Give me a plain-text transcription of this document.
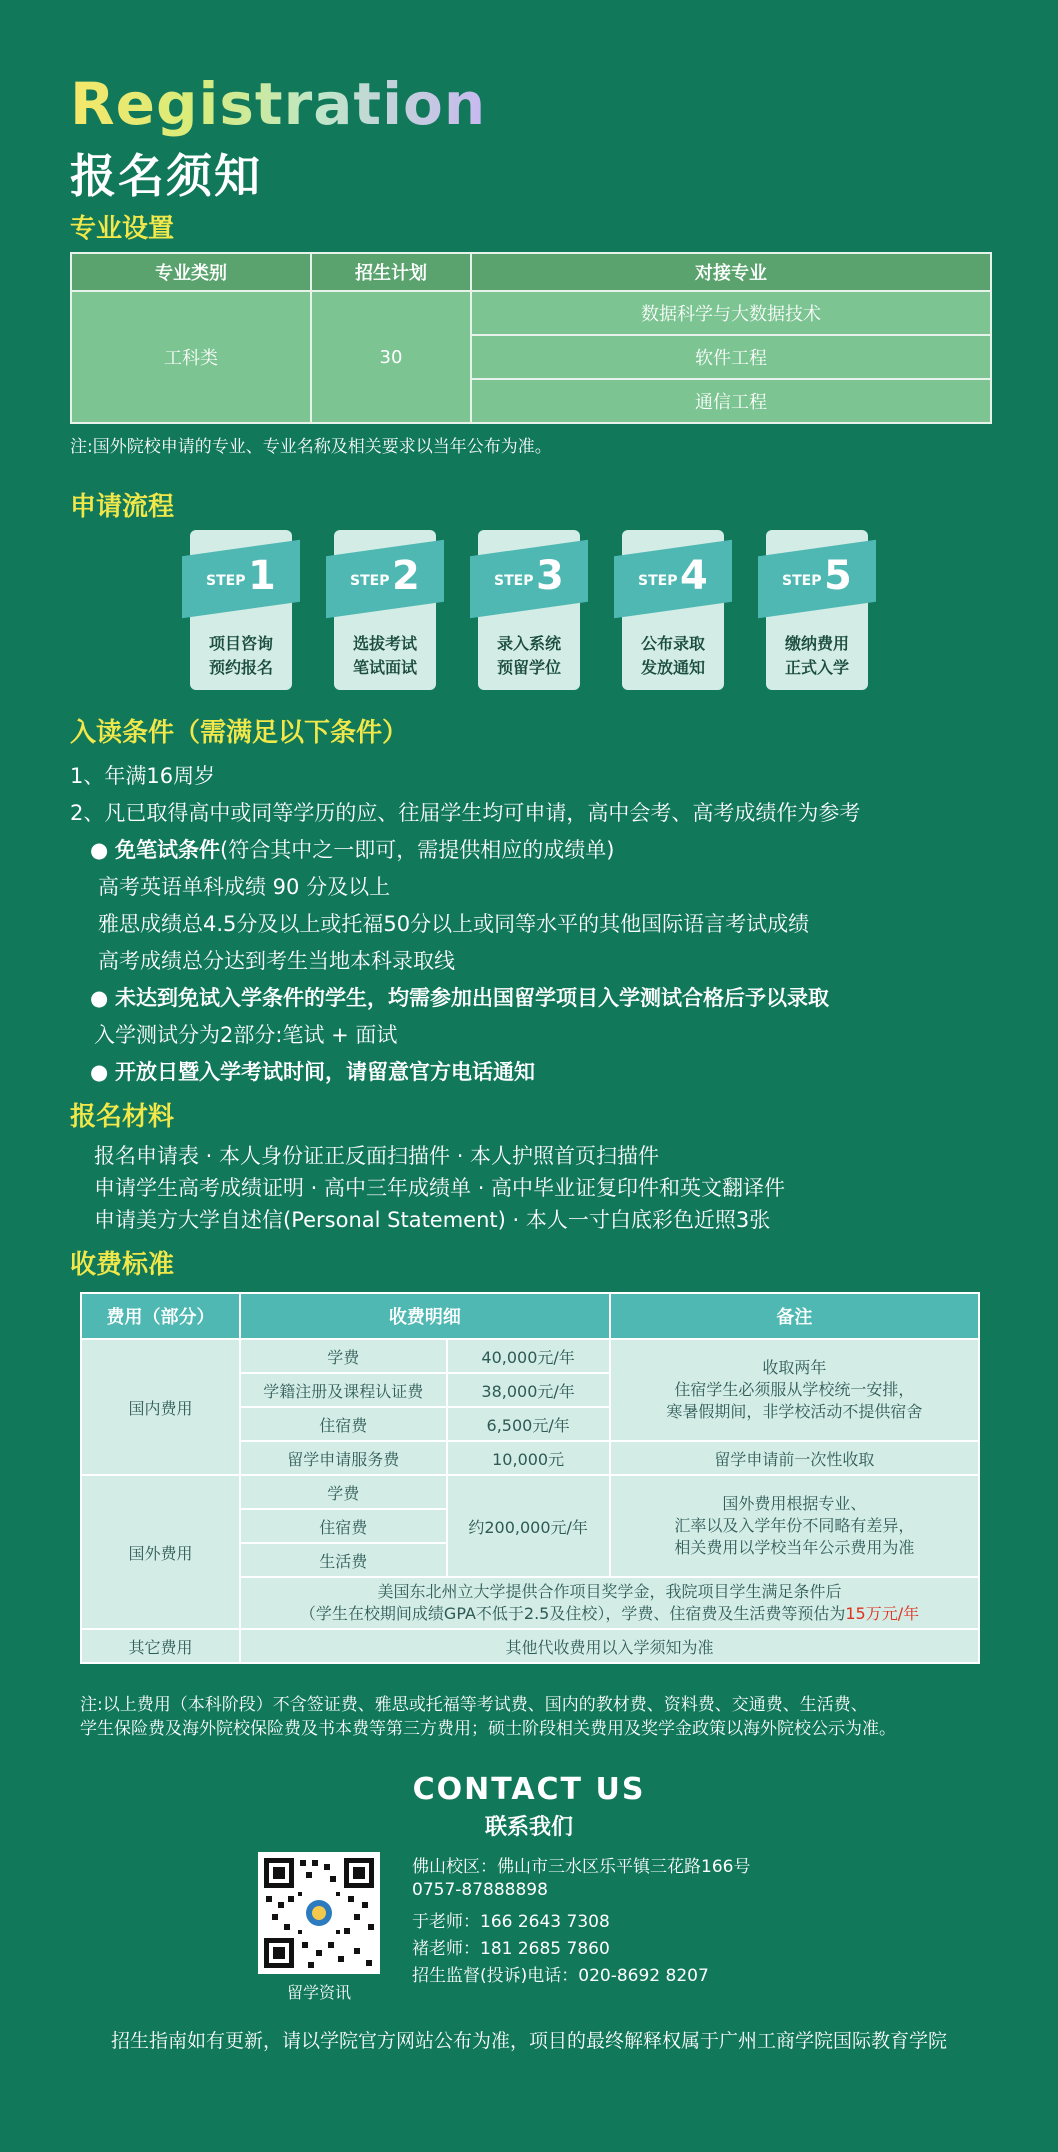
Registration
报名须知
专业设置
专业类别	招生计划	对接专业
工科类	30	数据科学与大数据技术
		软件工程
		通信工程
注:国外院校申请的专业、专业名称及相关要求以当年公布为准。
申请流程
STEP 1
项目咨询
预约报名
STEP 2
选拔考试
笔试面试
STEP 3
录入系统
预留学位
STEP 4
公布录取
发放通知
STEP 5
缴纳费用
正式入学
入读条件（需满足以下条件）
1、年满16周岁
2、凡已取得高中或同等学历的应、往届学生均可申请，高中会考、高考成绩作为参考
● 免笔试条件(符合其中之一即可，需提供相应的成绩单)
高考英语单科成绩 90 分及以上
雅思成绩总4.5分及以上或托福50分以上或同等水平的其他国际语言考试成绩
高考成绩总分达到考生当地本科录取线
● 未达到免试入学条件的学生，均需参加出国留学项目入学测试合格后予以录取
入学测试分为2部分:笔试 + 面试
● 开放日暨入学考试时间，请留意官方电话通知
报名材料
报名申请表 · 本人身份证正反面扫描件 · 本人护照首页扫描件
申请学生高考成绩证明 · 高中三年成绩单 · 高中毕业证复印件和英文翻译件
申请美方大学自述信(Personal Statement) · 本人一寸白底彩色近照3张
收费标准
费用（部分）	收费明细		备注
国内费用	学费	40,000元/年	收取两年
住宿学生必须服从学校统一安排，
寒暑假期间，非学校活动不提供宿舍

	学籍注册及课程认证费	38,000元/年	
	住宿费	6,500元/年	
	留学申请服务费	10,000元	留学申请前一次性收取
国外费用	学费	约200,000元/年	国外费用根据专业、
汇率以及入学年份不同略有差异，
相关费用以学校当年公示费用为准

	住宿费		
	生活费		

	美国东北州立大学提供合作项目奖学金，我院项目学生满足条件后
（学生在校期间成绩GPA不低于2.5及住校），学费、住宿费及生活费等预估为15万元/年		

其它费用	其他代收费用以入学须知为准		
注:以上费用（本科阶段）不含签证费、雅思或托福等考试费、国内的教材费、资料费、交通费、生活费、
学生保险费及海外院校保险费及书本费等第三方费用；硕士阶段相关费用及奖学金政策以海外院校公示为准。
CONTACT US
联系我们
留学资讯
佛山校区：佛山市三水区乐平镇三花路166号
0757-87888898
于老师：166 2643 7308
褚老师：181 2685 7860
招生监督(投诉)电话：020-8692 8207
招生指南如有更新，请以学院官方网站公布为准，项目的最终解释权属于广州工商学院国际教育学院
